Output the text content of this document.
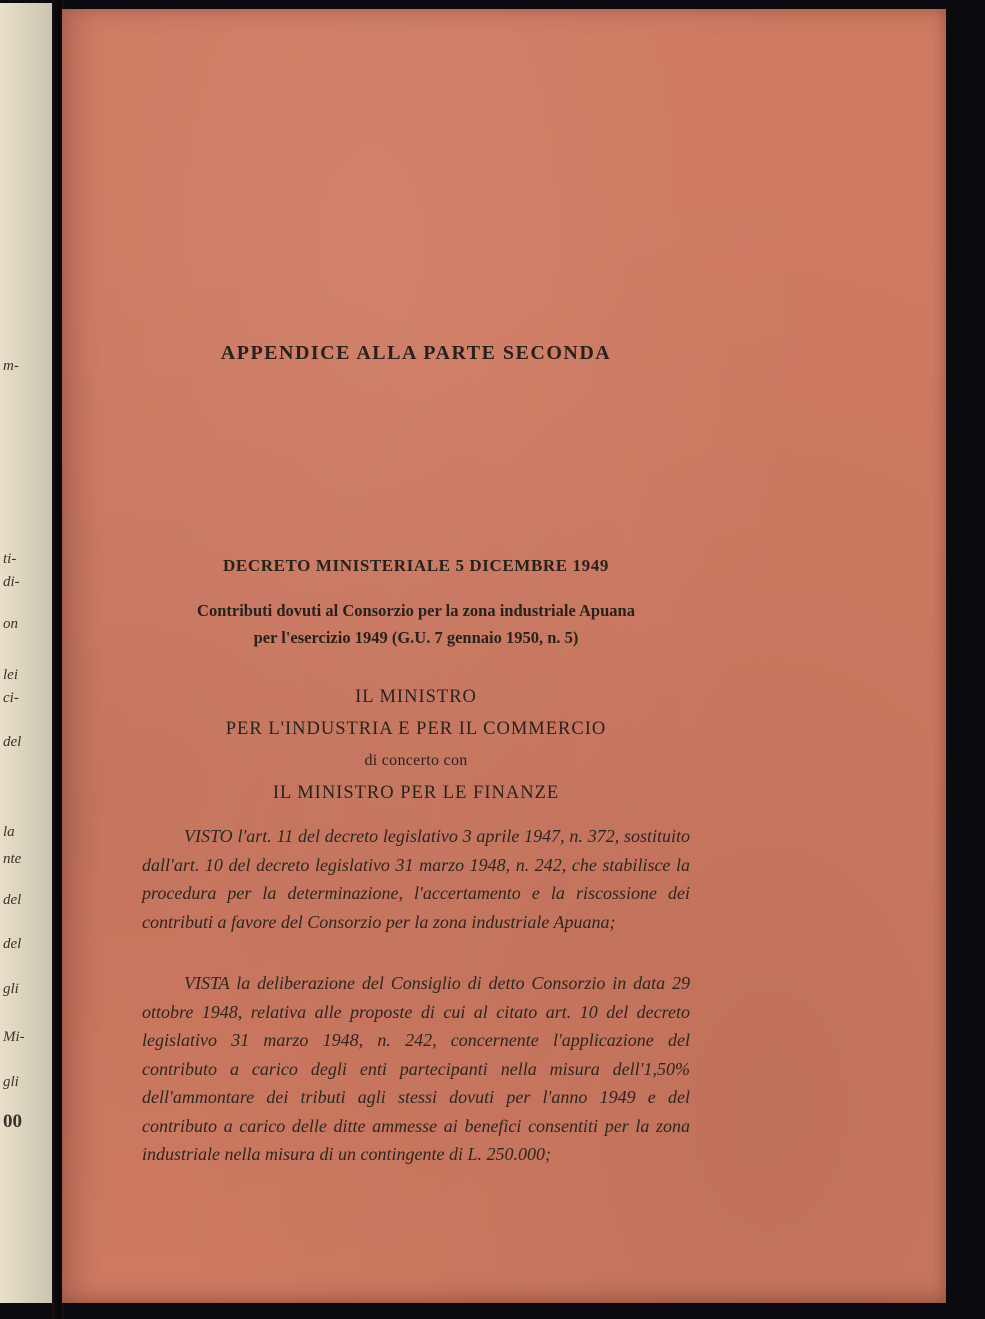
m-
ti-
di-
on
lei
ci-
del
la
nte
del
del
gli
Mi-
gli
00
APPENDICE ALLA PARTE SECONDA
DECRETO MINISTERIALE 5 DICEMBRE 1949
Contributi dovuti al Consorzio per la zona industriale Apuana
per l'esercizio 1949 (G.U. 7 gennaio 1950, n. 5)
IL MINISTRO
PER L'INDUSTRIA E PER IL COMMERCIO
di concerto con
IL MINISTRO PER LE FINANZE
VISTO l'art. 11 del decreto legislativo 3 aprile 1947, n. 372, sostituito dall'art. 10 del decreto legislativo 31 marzo 1948, n. 242, che stabilisce la procedura per la determinazione, l'accertamento e la riscossione dei contributi a favore del Consorzio per la zona industriale Apuana;
VISTA la deliberazione del Consiglio di detto Consorzio in data 29 ottobre 1948, relativa alle proposte di cui al citato art. 10 del decreto legislativo 31 marzo 1948, n. 242, concernente l'applicazione del contributo a carico degli enti partecipanti nella misura dell'1,50% dell'ammontare dei tributi agli stessi dovuti per l'anno 1949 e del contributo a carico delle ditte ammesse ai benefici consentiti per la zona industriale nella misura di un contingente di L. 250.000;
